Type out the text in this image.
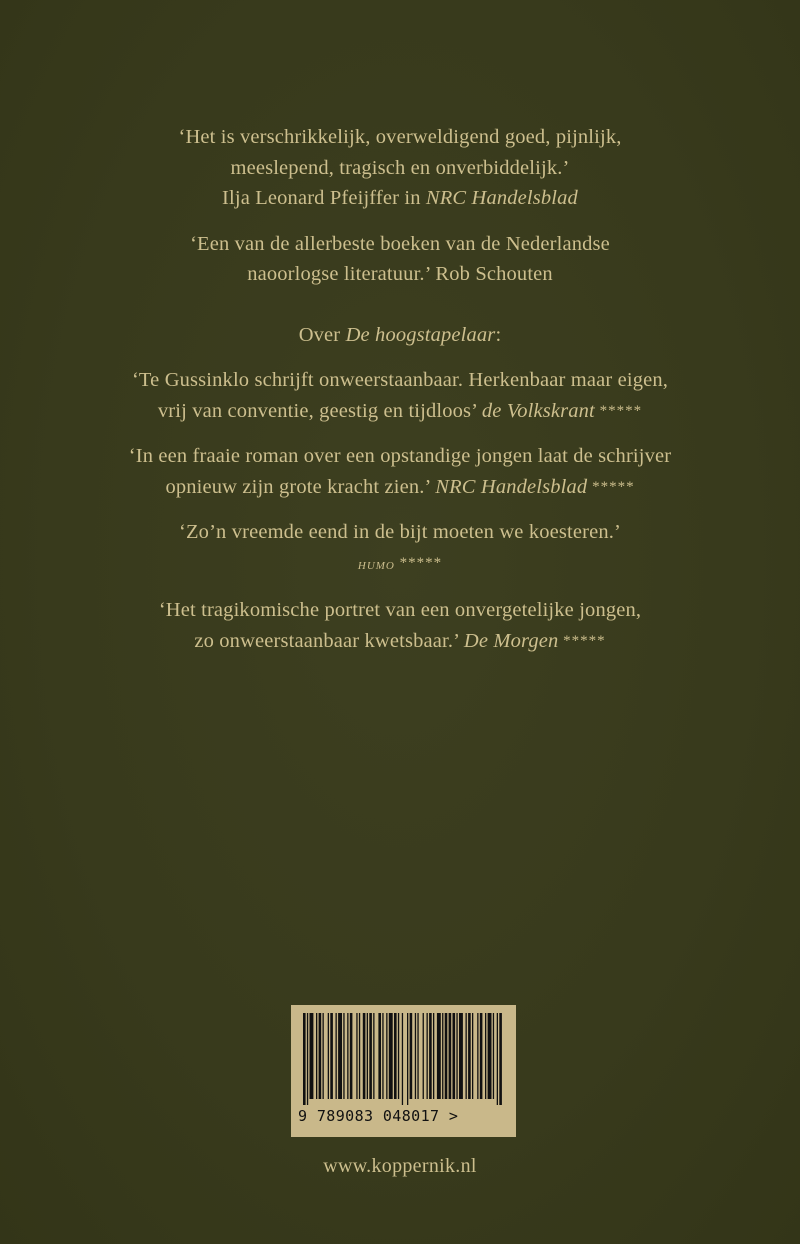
‘Het is verschrikkelijk, overweldigend goed, pijnlijk,
meeslepend, tragisch en onverbiddelijk.’
Ilja Leonard Pfeijffer in NRC Handelsblad
‘Een van de allerbeste boeken van de Nederlandse
naoorlogse literatuur.’ Rob Schouten
Over De hoogstapelaar:
‘Te Gussinklo schrijft onweerstaanbaar. Herkenbaar maar eigen,
vrij van conventie, geestig en tijdloos’ de Volkskrant *****
‘In een fraaie roman over een opstandige jongen laat de schrijver
opnieuw zijn grote kracht zien.’ NRC Handelsblad *****
‘Zo’n vreemde eend in de bijt moeten we koesteren.’
humo *****
‘Het tragikomische portret van een onvergetelijke jongen,
zo onweerstaanbaar kwetsbaar.’ De Morgen *****
9 789083 048017 >
www.koppernik.nl
